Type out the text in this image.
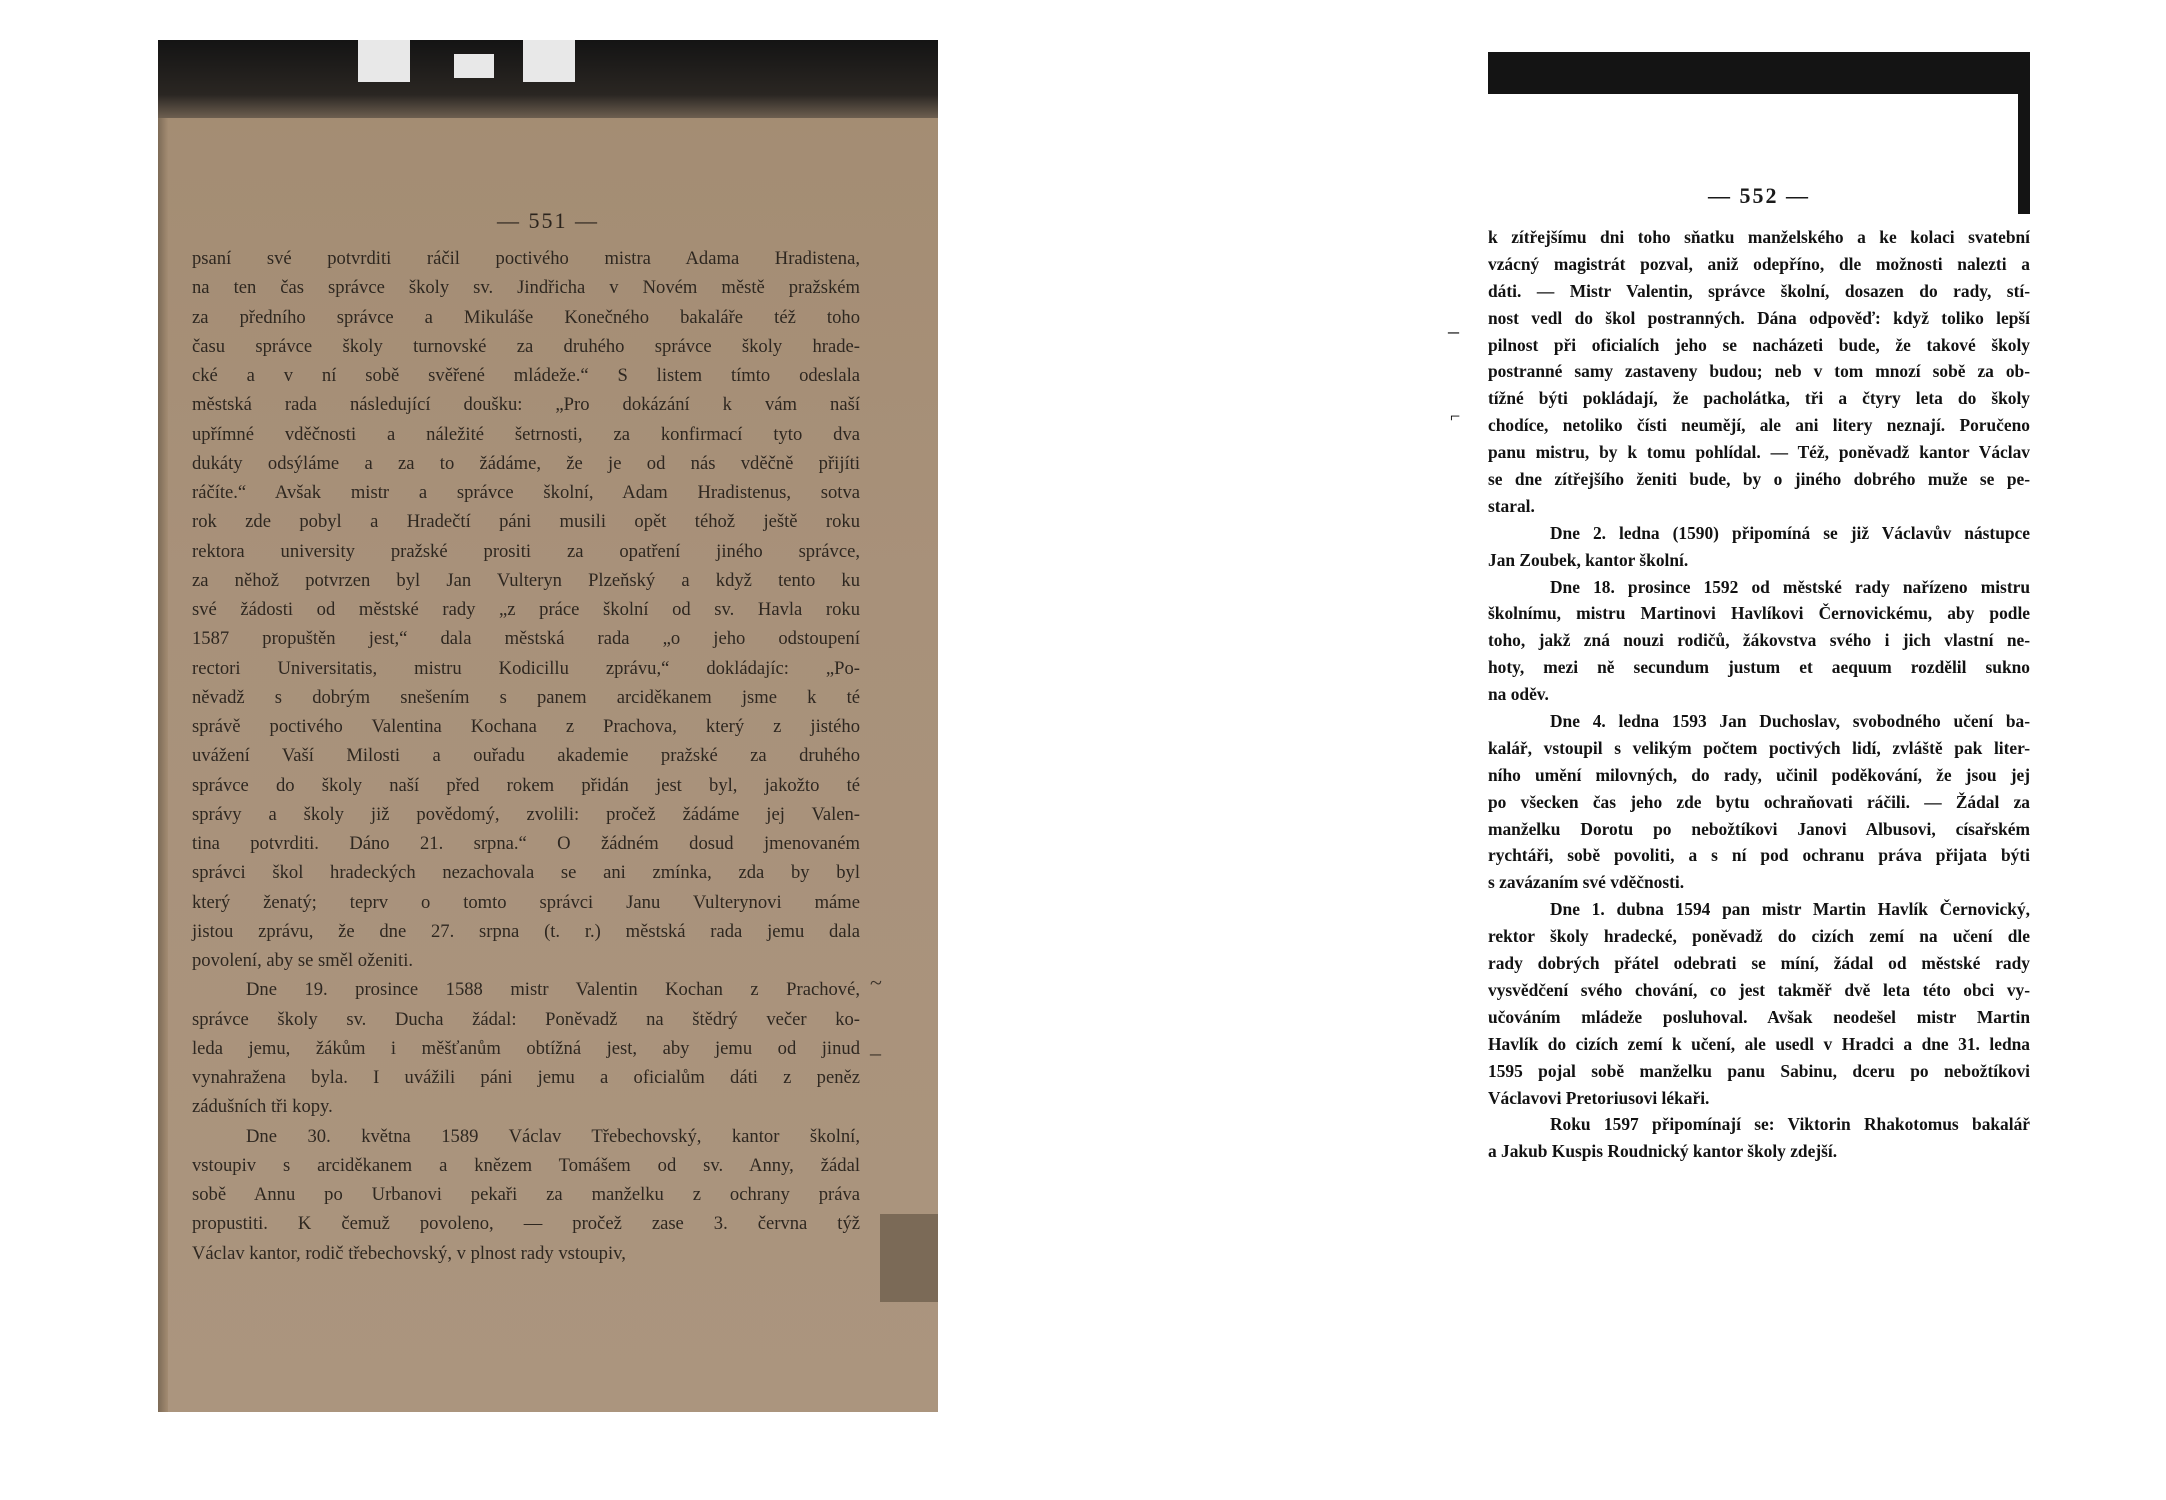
— 551 —
psaní své potvrditi ráčil poctivého mistra Adama Hradistena,
na ten čas správce školy sv. Jindřicha v Novém městě pražském
za předního správce a Mikuláše Konečného bakaláře též toho
času správce školy turnovské za druhého správce školy hrade-
cké a v ní sobě svěřené mládeže.“ S listem tímto odeslala
městská rada následující doušku: „Pro dokázání k vám naší
upřímné vděčnosti a náležité šetrnosti, za konfirmací tyto dva
dukáty odsýláme a za to žádáme, že je od nás vděčně přijíti
ráčíte.“ Avšak mistr a správce školní, Adam Hradistenus, sotva
rok zde pobyl a Hradečtí páni musili opět téhož ještě roku
rektora university pražské prositi za opatření jiného správce,
za něhož potvrzen byl Jan Vulteryn Plzeňský a když tento ku
své žádosti od městské rady „z práce školní od sv. Havla roku
1587 propuštěn jest,“ dala městská rada „o jeho odstoupení
rectori Universitatis, mistru Kodicillu zprávu,“ dokládajíc: „Po-
něvadž s dobrým snešením s panem arciděkanem jsme k té
správě poctivého Valentina Kochana z Prachova, který z jistého
uvážení Vaší Milosti a ouřadu akademie pražské za druhého
správce do školy naší před rokem přidán jest byl, jakožto té
správy a školy již povědomý, zvolili: pročež žádáme jej Valen-
tina potvrditi. Dáno 21. srpna.“ O žádném dosud jmenovaném
správci škol hradeckých nezachovala se ani zmínka, zda by byl
který ženatý; teprv o tomto správci Janu Vulterynovi máme
jistou zprávu, že dne 27. srpna (t. r.) městská rada jemu dala
povolení, aby se směl oženiti.
Dne 19. prosince 1588 mistr Valentin Kochan z Prachové,
správce školy sv. Ducha žádal: Poněvadž na štědrý večer ko-
leda jemu, žákům i měšťanům obtížná jest, aby jemu od jinud
vynahražena byla. I uvážili páni jemu a oficialům dáti z peněz
zádušních tři kopy.
Dne 30. května 1589 Václav Třebechovský, kantor školní,
vstoupiv s arciděkanem a knězem Tomášem od sv. Anny, žádal
sobě Annu po Urbanovi pekaři za manželku z ochrany práva
propustiti. K čemuž povoleno, — pročež zase 3. června týž
Václav kantor, rodič třebechovský, v plnost rady vstoupiv,
~
–
— 552 —
k zítřejšímu dni toho sňatku manželského a ke kolaci svatební
vzácný magistrát pozval, aniž odepříno, dle možnosti nalezti a
dáti. — Mistr Valentin, správce školní, dosazen do rady, stí-
nost vedl do škol postranných. Dána odpověď: když toliko lepší
pilnost při oficialích jeho se nacházeti bude, že takové školy
postranné samy zastaveny budou; neb v tom mnozí sobě za ob-
tížné býti pokládají, že pacholátka, tři a čtyry leta do školy
chodíce, netoliko čísti neumějí, ale ani litery neznají. Poručeno
panu mistru, by k tomu pohlídal. — Též, poněvadž kantor Václav
se dne zítřejšího ženiti bude, by o jiného dobrého muže se pe-
staral.
Dne 2. ledna (1590) připomíná se již Václavův nástupce
Jan Zoubek, kantor školní.
Dne 18. prosince 1592 od městské rady nařízeno mistru
školnímu, mistru Martinovi Havlíkovi Černovickému, aby podle
toho, jakž zná nouzi rodičů, žákovstva svého i jich vlastní ne-
hoty, mezi ně secundum justum et aequum rozdělil sukno
na oděv.
Dne 4. ledna 1593 Jan Duchoslav, svobodného učení ba-
kalář, vstoupil s velikým počtem poctivých lidí, zvláště pak liter-
ního umění milovných, do rady, učinil poděkování, že jsou jej
po všecken čas jeho zde bytu ochraňovati ráčili. — Žádal za
manželku Dorotu po nebožtíkovi Janovi Albusovi, císařském
rychtáři, sobě povoliti, a s ní pod ochranu práva přijata býti
s zavázaním své vděčnosti.
Dne 1. dubna 1594 pan mistr Martin Havlík Černovický,
rektor školy hradecké, poněvadž do cizích zemí na učení dle
rady dobrých přátel odebrati se míní, žádal od městské rady
vysvědčení svého chování, co jest takměř dvě leta této obci vy-
učováním mládeže posluhoval. Avšak neodešel mistr Martin
Havlík do cizích zemí k učení, ale usedl v Hradci a dne 31. ledna
1595 pojal sobě manželku panu Sabinu, dceru po nebožtíkovi
Václavovi Pretoriusovi lékaři.
Roku 1597 připomínají se: Viktorin Rhakotomus bakalář
a Jakub Kuspis Roudnický kantor školy zdejší.
–
⌐
